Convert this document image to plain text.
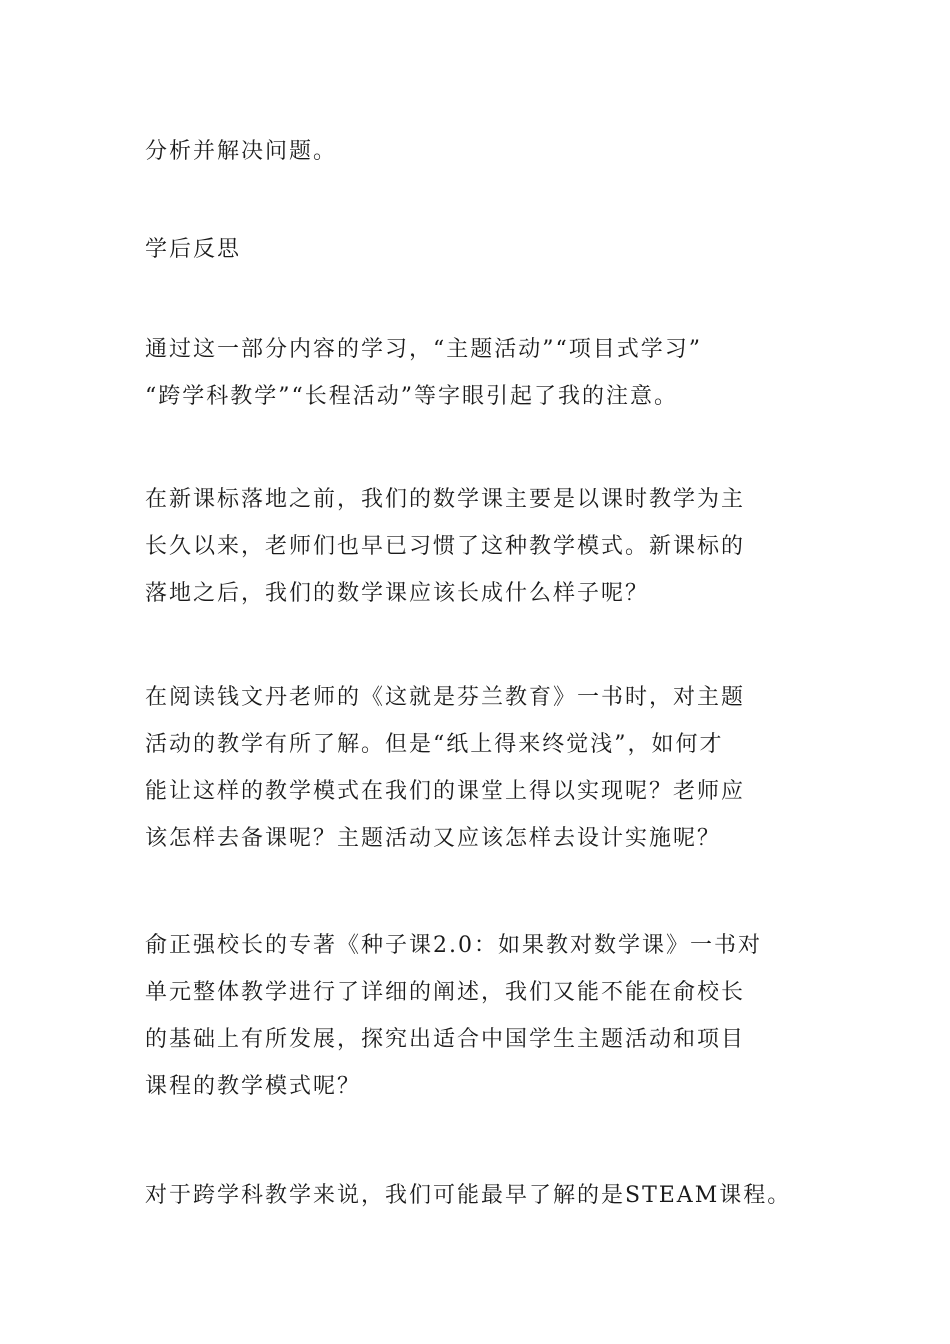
分析并解决问题。

学后反思

通过这一部分内容的学习，“主题活动”“项目式学习”
“跨学科教学”“长程活动”等字眼引起了我的注意。

在新课标落地之前，我们的数学课主要是以课时教学为主
长久以来，老师们也早已习惯了这种教学模式。新课标的
落地之后，我们的数学课应该长成什么样子呢？

在阅读钱文丹老师的《这就是芬兰教育》一书时，对主题
活动的教学有所了解。但是“纸上得来终觉浅”，如何才
能让这样的教学模式在我们的课堂上得以实现呢？老师应
该怎样去备课呢？主题活动又应该怎样去设计实施呢？

俞正强校长的专著《种子课2.0：如果教对数学课》一书对
单元整体教学进行了详细的阐述，我们又能不能在俞校长
的基础上有所发展，探究出适合中国学生主题活动和项目
课程的教学模式呢？

对于跨学科教学来说，我们可能最早了解的是STEAM课程。
